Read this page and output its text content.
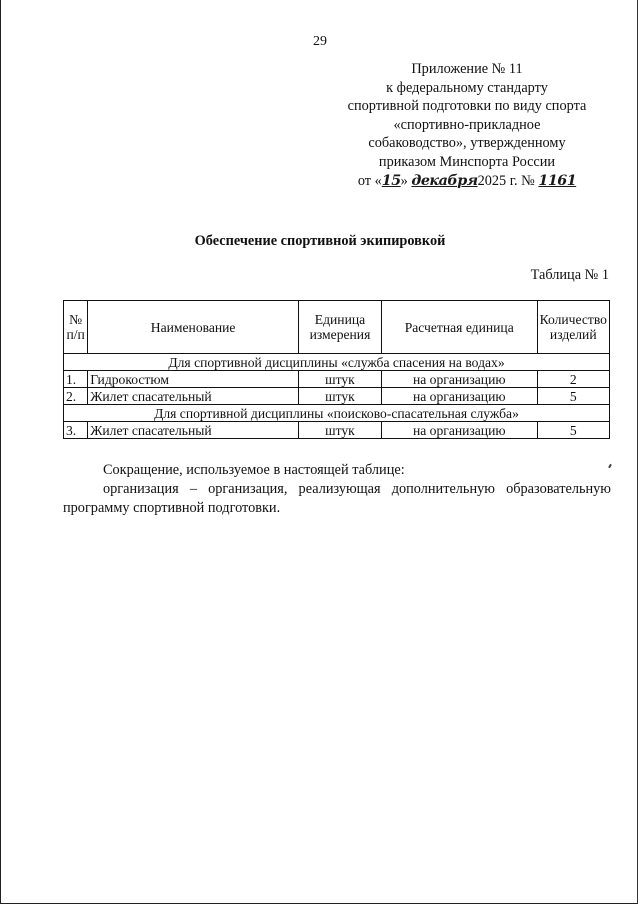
29
Приложение № 11
к федеральному стандарту
спортивной подготовки по виду спорта
«спортивно-прикладное
собаководство», утвержденному
приказом Минспорта России
от «15» декабря2025 г. № 1161
Обеспечение спортивной экипировкой
Таблица № 1
№ п/п	Наименование	Единица измерения	Расчетная единица	Количество изделий
Для спортивной дисциплины «служба спасения на водах»				
1.	Гидрокостюм	штук	на организацию	2
2.	Жилет спасательный	штук	на организацию	5
Для спортивной дисциплины «поисково-спасательная служба»				
3.	Жилет спасательный	штук	на организацию	5
Сокращение, используемое в настоящей таблице:
организация – организация, реализующая дополнительную образовательную программу спортивной подготовки.
